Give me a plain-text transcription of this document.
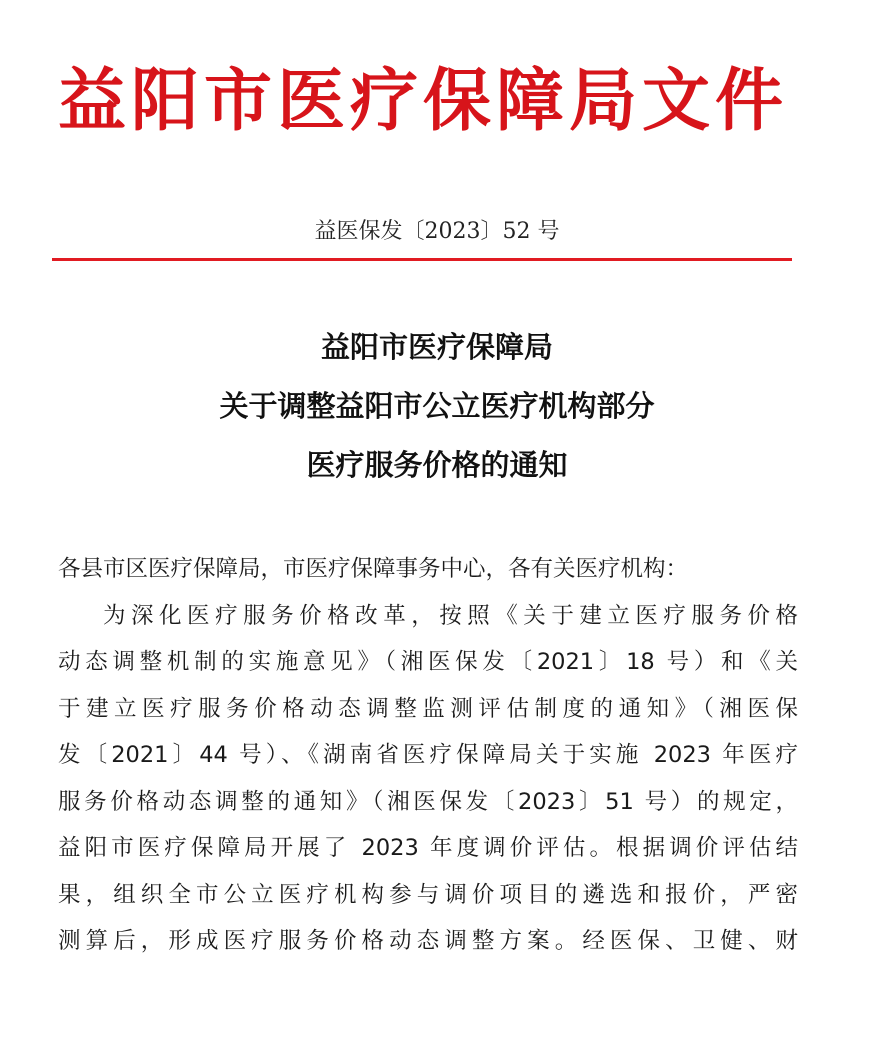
益阳市医疗保障局文件
益医保发〔2023〕52 号
益阳市医疗保障局
关于调整益阳市公立医疗机构部分
医疗服务价格的通知
各县市区医疗保障局，市医疗保障事务中心，各有关医疗机构：
为深化医疗服务价格改革，按照《关于建立医疗服务价格
动态调整机制的实施意见》（湘医保发〔2021〕18 号）和《关
于建立医疗服务价格动态调整监测评估制度的通知》（湘医保
发〔2021〕44 号）、《湖南省医疗保障局关于实施 2023 年医疗
服务价格动态调整的通知》（湘医保发〔2023〕51 号）的规定，
益阳市医疗保障局开展了 2023 年度调价评估。根据调价评估结
果，组织全市公立医疗机构参与调价项目的遴选和报价，严密
测算后，形成医疗服务价格动态调整方案。经医保、卫健、财
